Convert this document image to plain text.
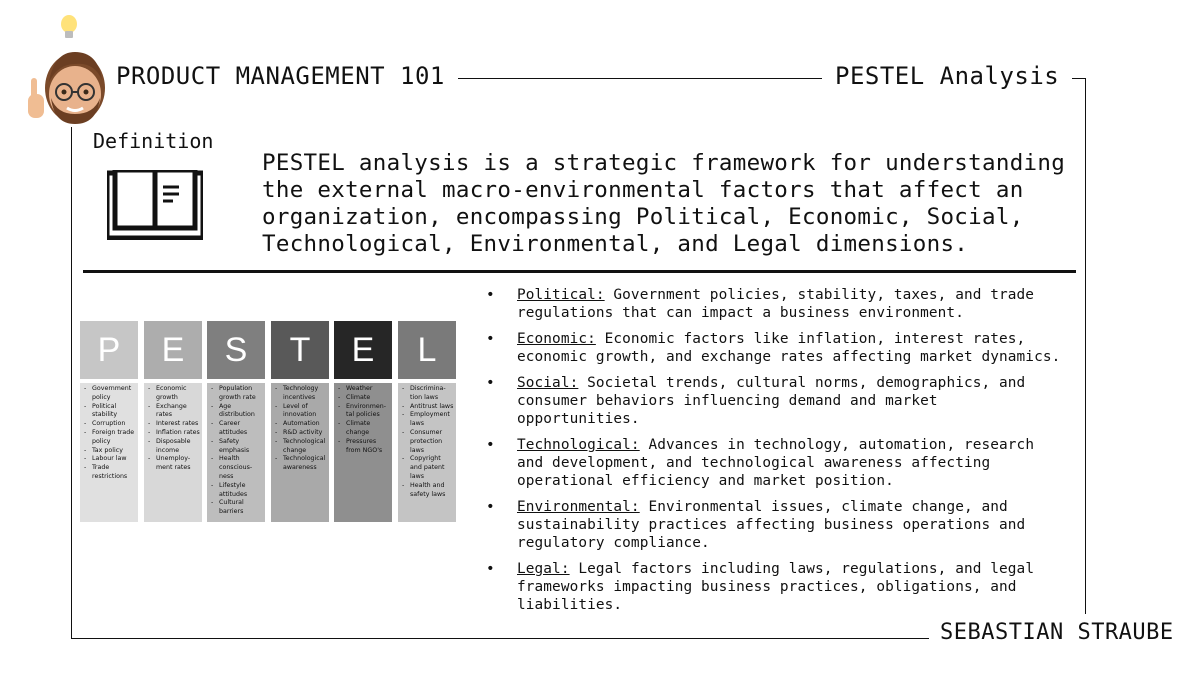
PRODUCT MANAGEMENT 101	PESTEL Analysis
Definition
PESTEL analysis is a strategic framework for understanding the external macro-environmental factors that affect an organization, encompassing Political, Economic, Social, Technological, Environmental, and Legal dimensions.
P
- Government policy
- Political stability
- Corruption
- Foreign trade policy
- Tax policy
- Labour law
- Trade restrictions
E
- Economic growth
- Exchange rates
- Interest rates
- Inflation rates
- Disposable income
- Unemploy-ment rates
S
- Population growth rate
- Age distribution
- Career attitudes
- Safety emphasis
- Health conscious-ness
- Lifestyle attitudes
- Cultural barriers
T
- Technology incentives
- Level of innovation
- Automation
- R&D activity
- Technological change
- Technological awareness
E
- Weather
- Climate
- Environmen-tal policies
- Climate change
- Pressures from NGO's
L
- Discrimina-tion laws
- Antitrust laws
- Employment laws
- Consumer protection laws
- Copyright and patent laws
- Health and safety laws
• Political: Government policies, stability, taxes, and trade regulations that can impact a business environment.
• Economic: Economic factors like inflation, interest rates, economic growth, and exchange rates affecting market dynamics.
• Social: Societal trends, cultural norms, demographics, and consumer behaviors influencing demand and market opportunities.
• Technological: Advances in technology, automation, research and development, and technological awareness affecting operational efficiency and market position.
• Environmental: Environmental issues, climate change, and sustainability practices affecting business operations and regulatory compliance.
• Legal: Legal factors including laws, regulations, and legal frameworks impacting business practices, obligations, and liabilities.
SEBASTIAN STRAUBE
